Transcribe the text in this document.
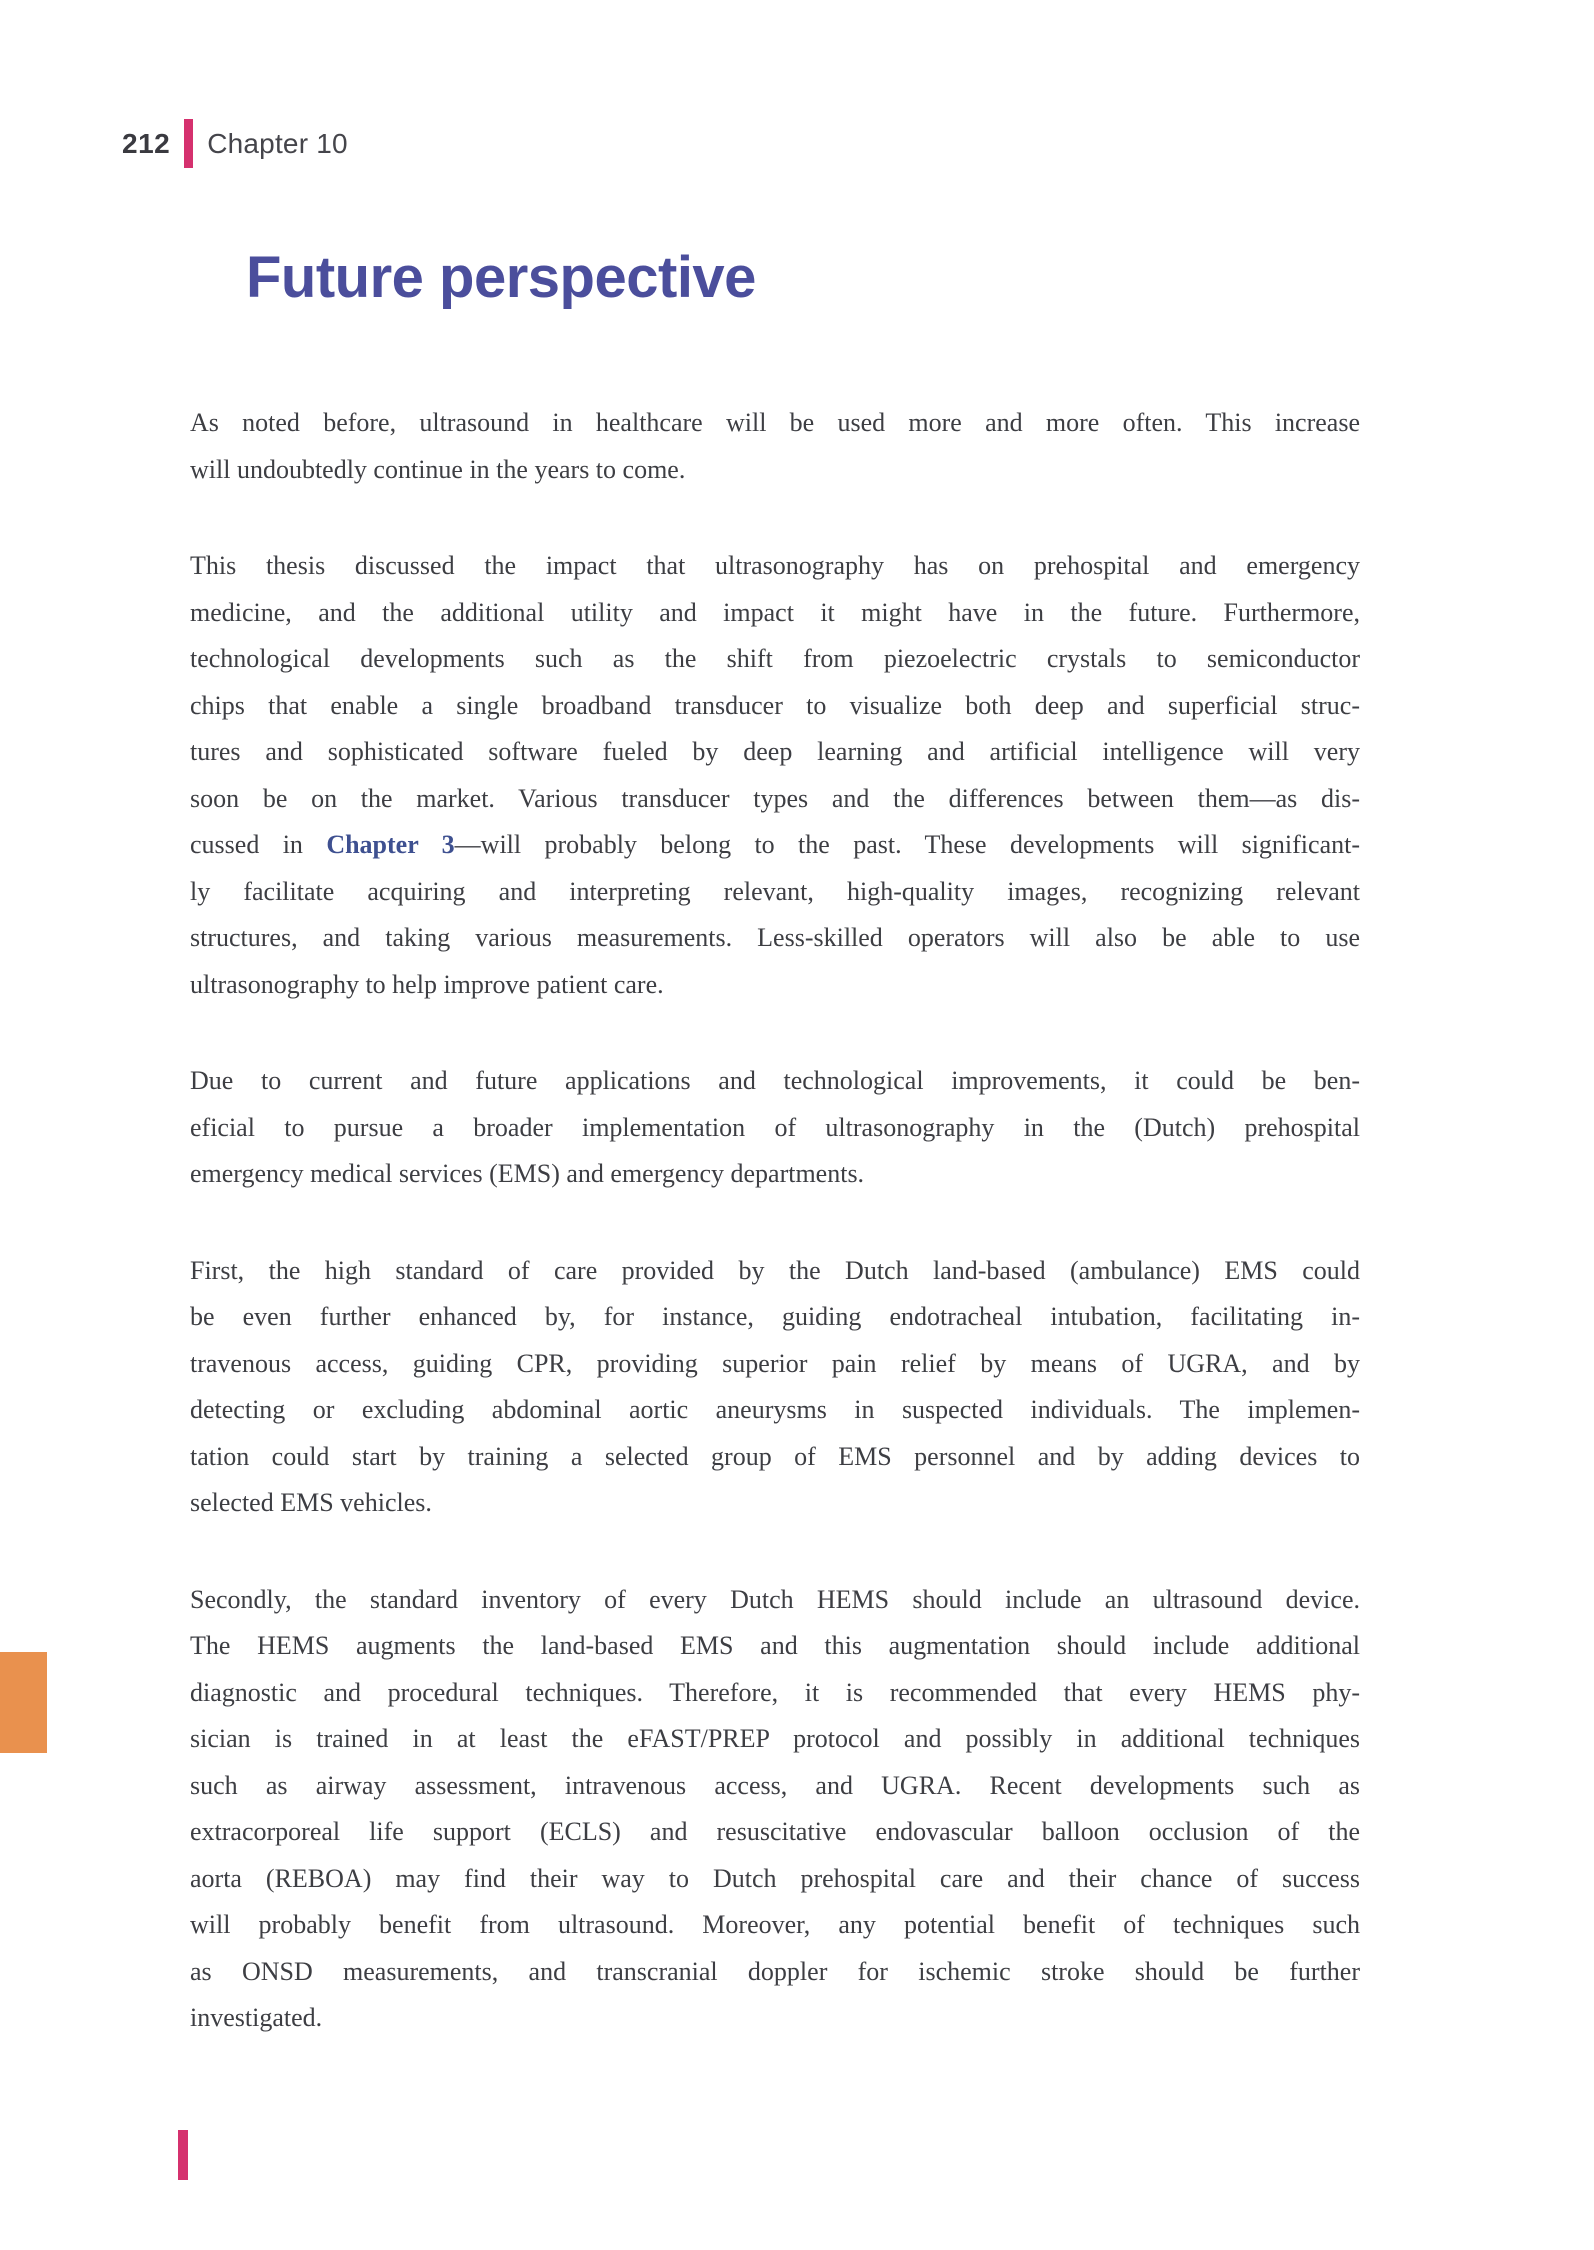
212 Chapter 10
Future perspective
As noted before, ultrasound in healthcare will be used more and more often. This increase
will undoubtedly continue in the years to come.
This thesis discussed the impact that ultrasonography has on prehospital and emergency
medicine, and the additional utility and impact it might have in the future. Furthermore,
technological developments such as the shift from piezoelectric crystals to semiconductor
chips that enable a single broadband transducer to visualize both deep and superficial struc-
tures and sophisticated software fueled by deep learning and artificial intelligence will very
soon be on the market. Various transducer types and the differences between them—as dis-
cussed in Chapter 3—will probably belong to the past. These developments will significant-
ly facilitate acquiring and interpreting relevant, high-quality images, recognizing relevant
structures, and taking various measurements. Less-skilled operators will also be able to use
ultrasonography to help improve patient care.
Due to current and future applications and technological improvements, it could be ben-
eficial to pursue a broader implementation of ultrasonography in the (Dutch) prehospital
emergency medical services (EMS) and emergency departments.
First, the high standard of care provided by the Dutch land-based (ambulance) EMS could
be even further enhanced by, for instance, guiding endotracheal intubation, facilitating in-
travenous access, guiding CPR, providing superior pain relief by means of UGRA, and by
detecting or excluding abdominal aortic aneurysms in suspected individuals. The implemen-
tation could start by training a selected group of EMS personnel and by adding devices to
selected EMS vehicles.
Secondly, the standard inventory of every Dutch HEMS should include an ultrasound device.
The HEMS augments the land-based EMS and this augmentation should include additional
diagnostic and procedural techniques. Therefore, it is recommended that every HEMS phy-
sician is trained in at least the eFAST/PREP protocol and possibly in additional techniques
such as airway assessment, intravenous access, and UGRA. Recent developments such as
extracorporeal life support (ECLS) and resuscitative endovascular balloon occlusion of the
aorta (REBOA) may find their way to Dutch prehospital care and their chance of success
will probably benefit from ultrasound. Moreover, any potential benefit of techniques such
as ONSD measurements, and transcranial doppler for ischemic stroke should be further
investigated.
